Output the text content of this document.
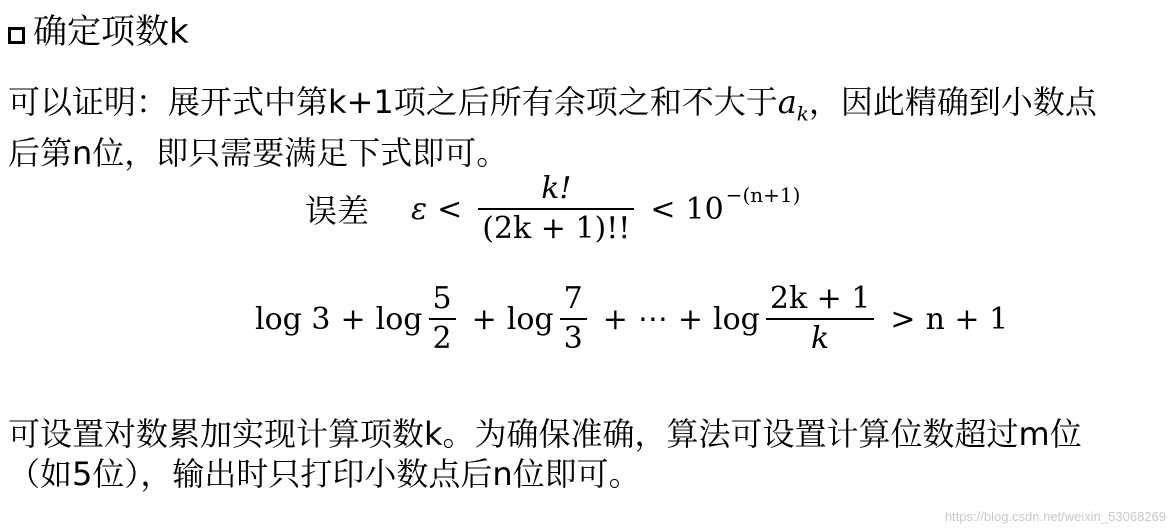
确定项数k
可以证明：展开式中第k+1项之后所有余项之和不大于$a_k$，因此精确到小数点
后第n位，即只需要满足下式即可。
误差 $\varepsilon < \frac{k!}{(2k + 1)!!} < 10^{-(n+1)}$
$\log 3 + \log \frac{5}{2} + \log \frac{7}{3}$ + ⋯ + $\log \frac{2k + 1}{k} > n + 1$
可设置对数累加实现计算项数k。为确保准确，算法可设置计算位数超过m位
（如5位），输出时只打印小数点后n位即可。
https://blog.csdn.net/weixin_53068269
